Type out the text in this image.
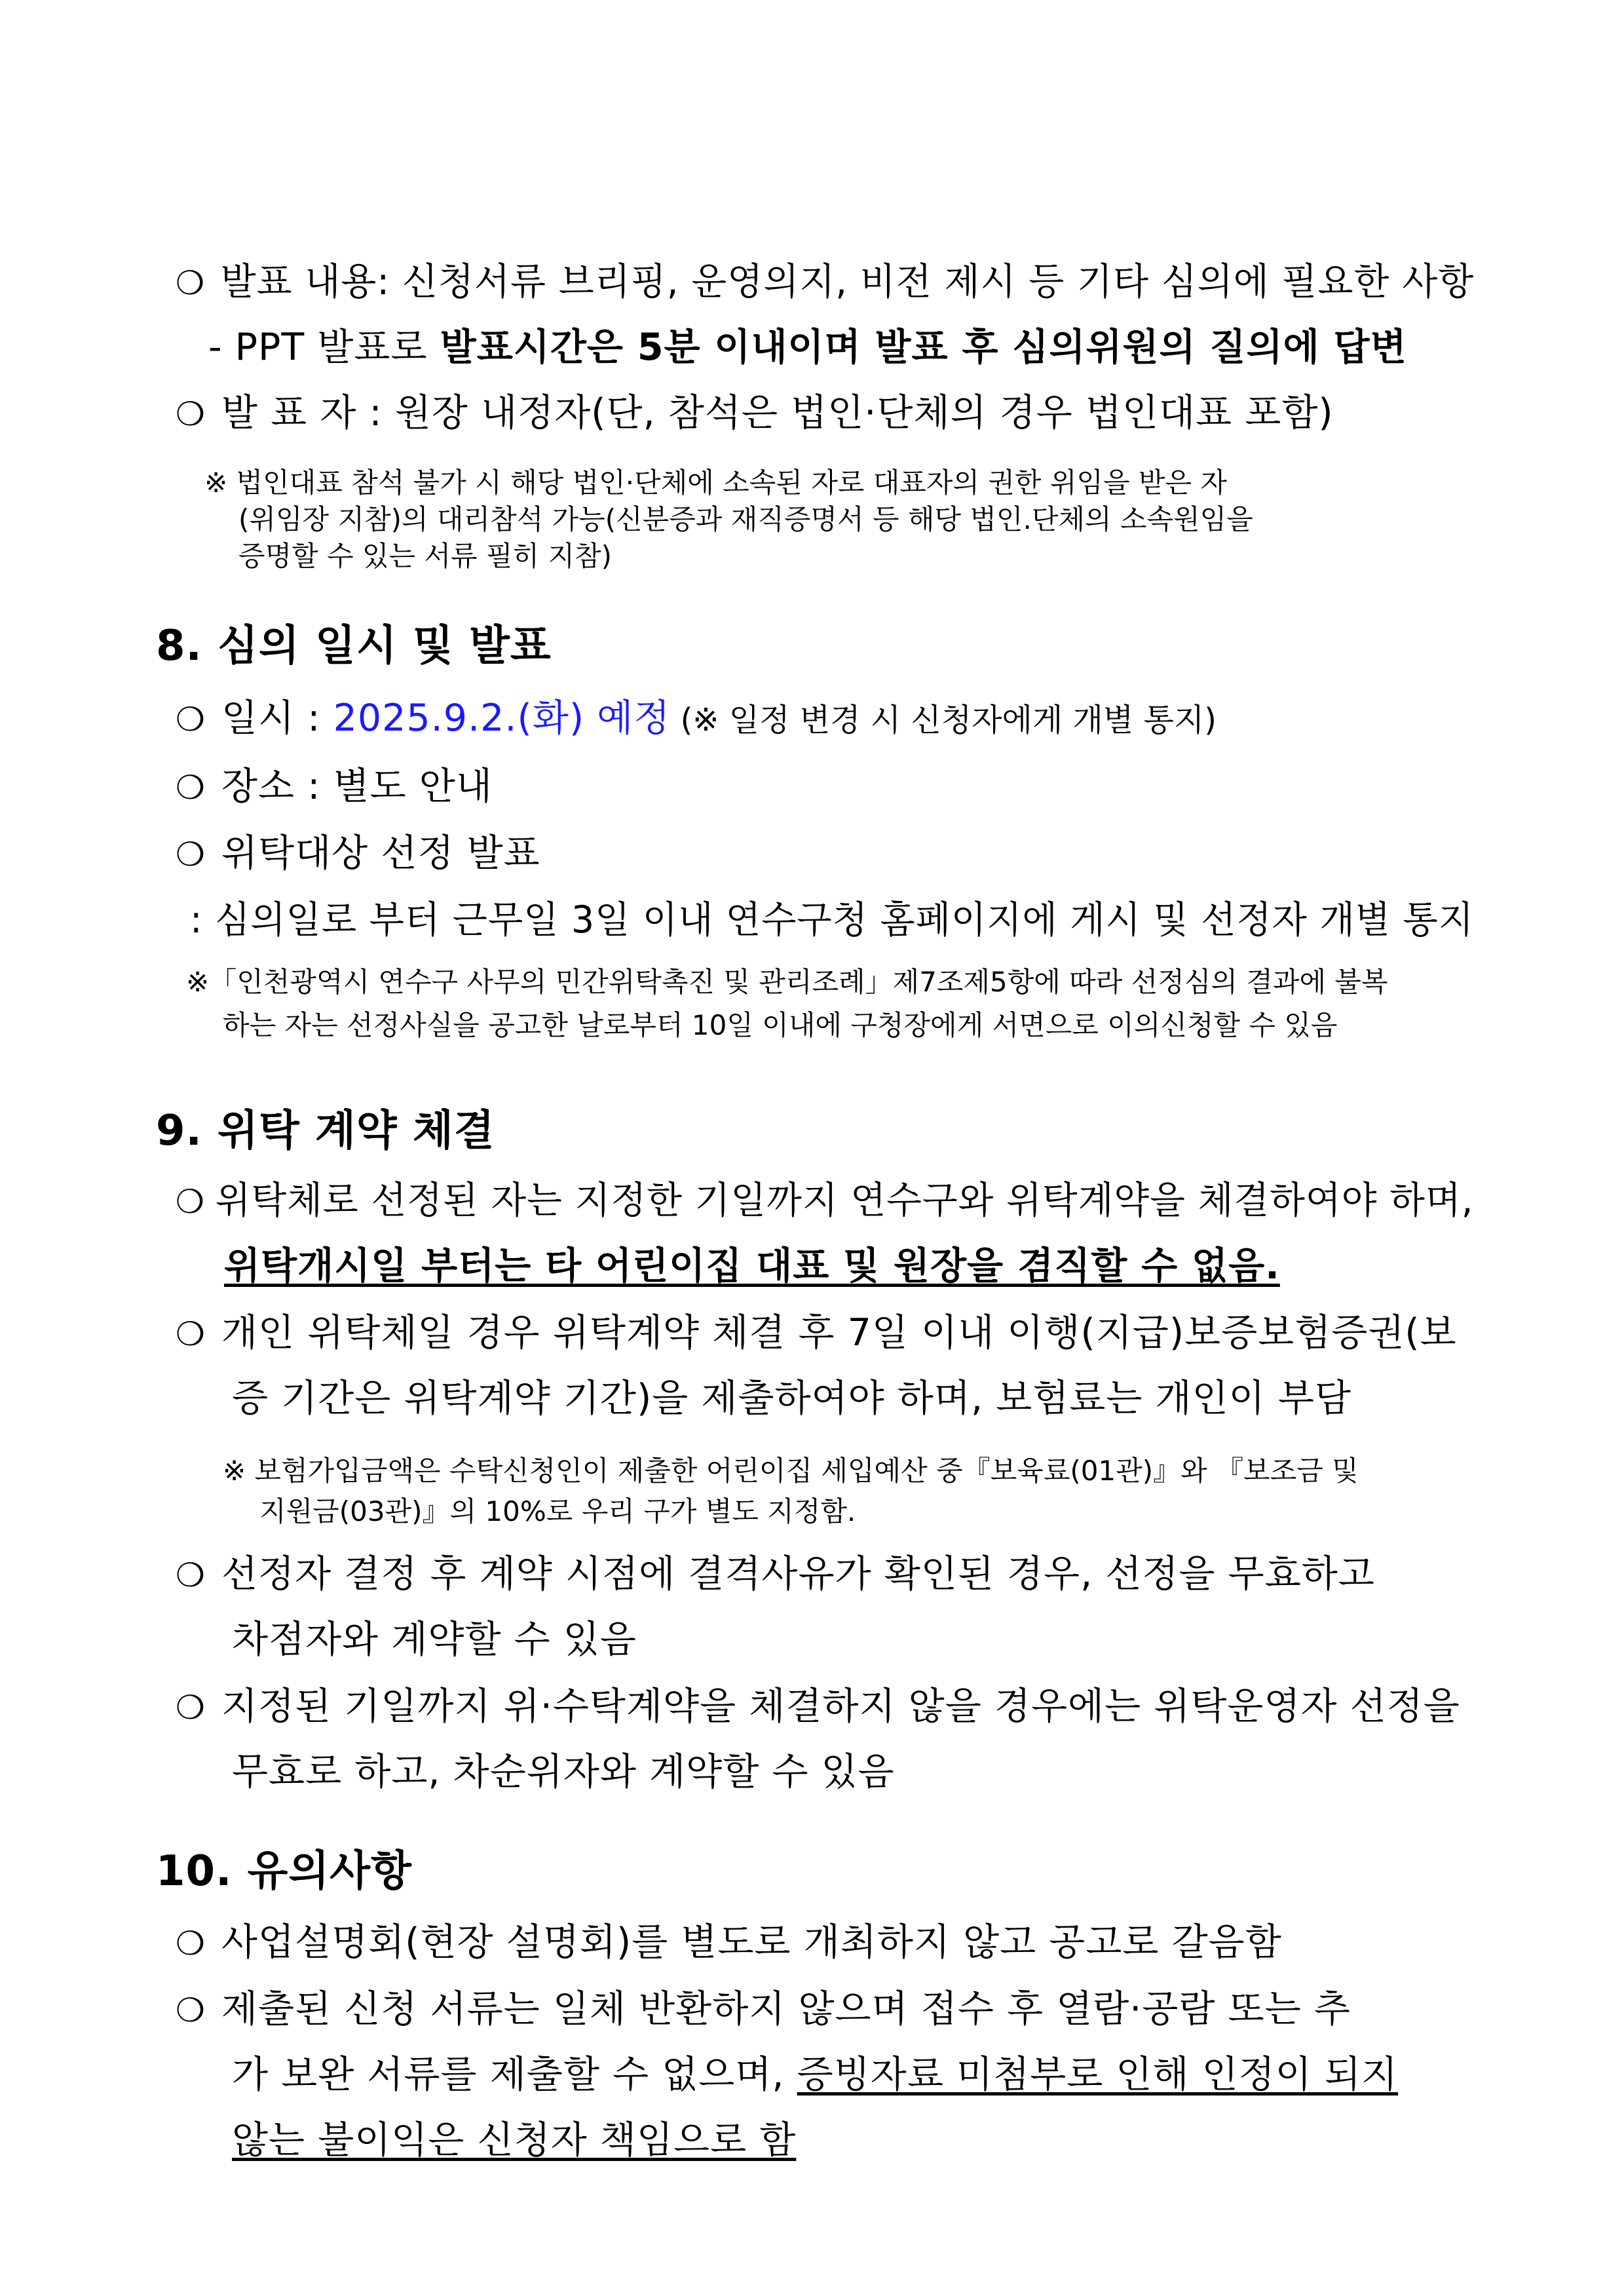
❍ 발표 내용: 신청서류 브리핑, 운영의지, 비전 제시 등 기타 심의에 필요한 사항
- PPT 발표로 발표시간은 5분 이내이며 발표 후 심의위원의 질의에 답변
❍ 발 표 자 : 원장 내정자(단, 참석은 법인·단체의 경우 법인대표 포함)
※ 법인대표 참석 불가 시 해당 법인·단체에 소속된 자로 대표자의 권한 위임을 받은 자
(위임장 지참)의 대리참석 가능(신분증과 재직증명서 등 해당 법인.단체의 소속원임을
증명할 수 있는 서류 필히 지참)
8. 심의 일시 및 발표
❍ 일시 : 2025.9.2.(화) 예정 (※ 일정 변경 시 신청자에게 개별 통지)
❍ 장소 : 별도 안내
❍ 위탁대상 선정 발표
: 심의일로 부터 근무일 3일 이내 연수구청 홈페이지에 게시 및 선정자 개별 통지
※「인천광역시 연수구 사무의 민간위탁촉진 및 관리조례」제7조제5항에 따라 선정심의 결과에 불복
하는 자는 선정사실을 공고한 날로부터 10일 이내에 구청장에게 서면으로 이의신청할 수 있음
9. 위탁 계약 체결
❍ 위탁체로 선정된 자는 지정한 기일까지 연수구와 위탁계약을 체결하여야 하며,
위탁개시일 부터는 타 어린이집 대표 및 원장을 겸직할 수 없음.
❍ 개인 위탁체일 경우 위탁계약 체결 후 7일 이내 이행(지급)보증보험증권(보
증 기간은 위탁계약 기간)을 제출하여야 하며, 보험료는 개인이 부담
※ 보험가입금액은 수탁신청인이 제출한 어린이집 세입예산 중『보육료(01관)』와 『보조금 및
지원금(03관)』의 10%로 우리 구가 별도 지정함.
❍ 선정자 결정 후 계약 시점에 결격사유가 확인된 경우, 선정을 무효하고
차점자와 계약할 수 있음
❍ 지정된 기일까지 위·수탁계약을 체결하지 않을 경우에는 위탁운영자 선정을
무효로 하고, 차순위자와 계약할 수 있음
10. 유의사항
❍ 사업설명회(현장 설명회)를 별도로 개최하지 않고 공고로 갈음함
❍ 제출된 신청 서류는 일체 반환하지 않으며 접수 후 열람·공람 또는 추
가 보완 서류를 제출할 수 없으며, 증빙자료 미첨부로 인해 인정이 되지
않는 불이익은 신청자 책임으로 함
